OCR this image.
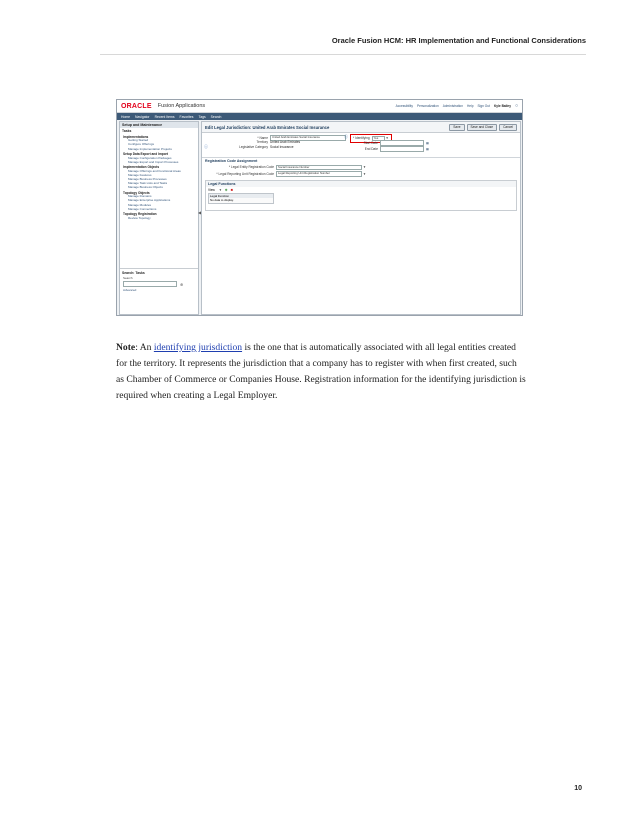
Oracle Fusion HCM: HR Implementation and Functional Considerations
ORACLE Fusion Applications	Accessibility Personalization Administration Help Sign Out Kyle Bailey ○
Home Navigator Recent Items Favorites Tags Search
Setup and Maintenance
Tasks
Implementations
Getting Started
Configure Offerings
Manage Implementation Projects
Setup Data Export and Import
Manage Configuration Packages
Manage Export and Import Processes
Implementation Objects
Manage Offerings and Functional Areas
Manage Features
Manage Business Processes
Manage Task Lists and Tasks
Manage Business Objects
Topology Objects
Manage Domains
Manage Enterprise Applications
Manage Modules
Manage Connections
Topology Registration
Review Topology
Search: Tasks
Search
⊕
Advanced
◀
Edit Legal Jurisdiction: United Arab Emirates Social Insurance	Save	Save and Close	Cancel
* Name	United Arab Emirates Social Insurance
Territory United Arab Emirates
Legislative Category Social Insurance
ⓘ
ⓘ
* Identifying	Yes	▼
Start Date	▦
End Date	▦
Registration Code Assignment
* Legal Entity Registration Code	Social Insurance Number	▼
* Legal Reporting Unit Registration Code	Legal Reporting Unit Registration Number	▼
Legal Functions
View ▼ ✚ ✖
Legal Function
No data to display.

Note: An identifying jurisdiction is the one that is automatically associated with all legal entities created for the territory. It represents the jurisdiction that a company has to register with when first created, such as Chamber of Commerce or Companies House. Registration information for the identifying jurisdiction is required when creating a Legal Employer.

10
